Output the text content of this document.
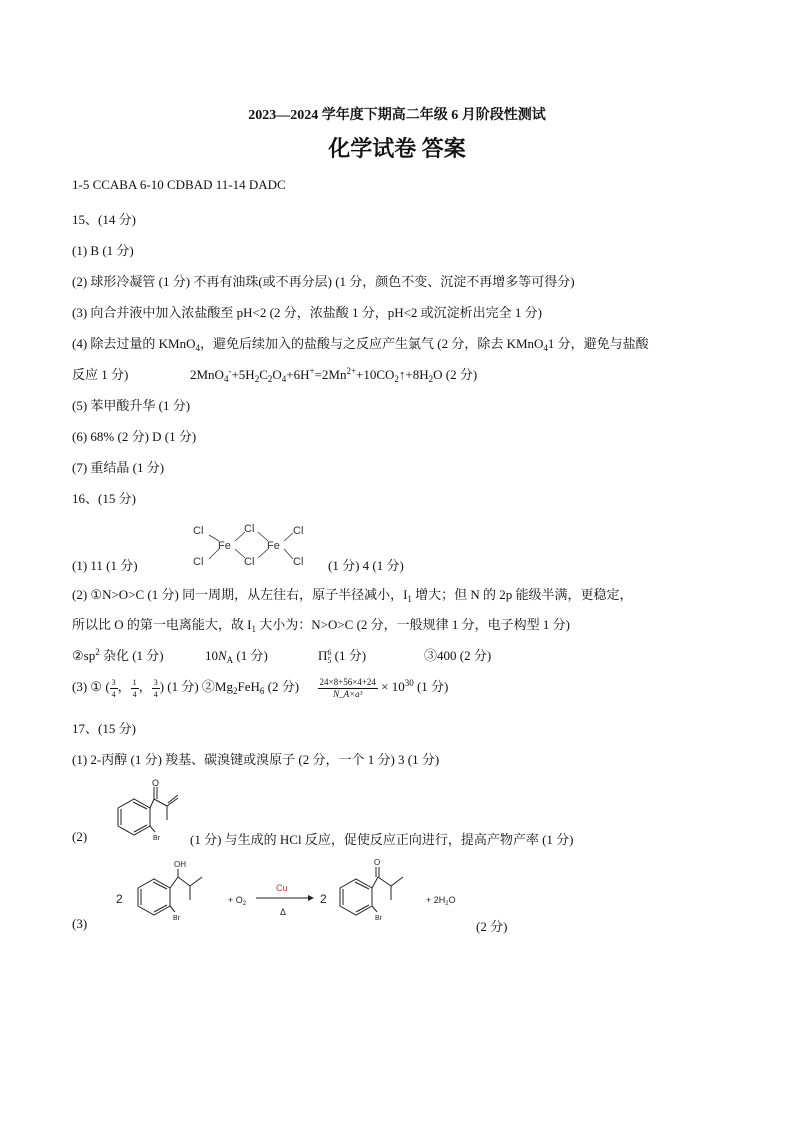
2023—2024 学年度下期高二年级 6 月阶段性测试
化学试卷 答案
1-5 CCABA 6-10 CDBAD 11-14 DADC
15、(14 分)
(1) B (1 分)
(2) 球形冷凝管 (1 分) 不再有油珠(或不再分层) (1 分，颜色不变、沉淀不再增多等可得分)
(3) 向合并液中加入浓盐酸至 pH<2 (2 分，浓盐酸 1 分，pH<2 或沉淀析出完全 1 分)
(4) 除去过量的 KMnO$_4$，避免后续加入的盐酸与之反应产生氯气 (2 分，除去 KMnO$_4$1 分，避免与盐酸
反应 1 分)	$2MnO_4^-+5H_2C_2O_4+6H^+=2Mn^{2+}+10CO_2↑+8H_2O$ (2 分)
(5) 苯甲酸升华 (1 分)
(6) 68% (2 分) D (1 分)
(7) 重结晶 (1 分)
16、(15 分)
(1) 11 (1 分)
Cl
Cl
Fe
Cl
Cl
Fe
Cl
Cl (1 分) 4 (1 分)
(2) ①N>O>C (1 分) 同一周期，从左往右，原子半径减小，$I_1$ 增大；但 N 的 2p 能级半满，更稳定，
所以比 O 的第一电离能大，故 $I_1$ 大小为：N>O>C (2 分，一般规律 1 分，电子构型 1 分)
$②sp^2$ 杂化 (1 分)	$10N_A$ (1 分)	Π 6
5 (1 分)	③400 (2 分)
(3) ① ( $\frac{3}{4}$ ， $\frac{1}{4}$ ， $\frac{3}{4}$ ) (1 分) $②Mg_2FeH_6$ (2 分) $\frac{24\times 8+56\times 4+24}{\text{N\_A×a³}} \times 10^{30}$ (1 分)
17、(15 分)
(1) 2-丙醇 (1 分) 羧基、碳溴键或溴原子 (2 分，一个 1 分) 3 (1 分)
(2)
O
Br (1 分) 与生成的 HCl 反应，促使反应正向进行，提高产物产率 (1 分)
(3)
2
OH
Br
+ $O_2$
Cu
Δ
2
O
Br
+ $2H_2O$
(2 分)
